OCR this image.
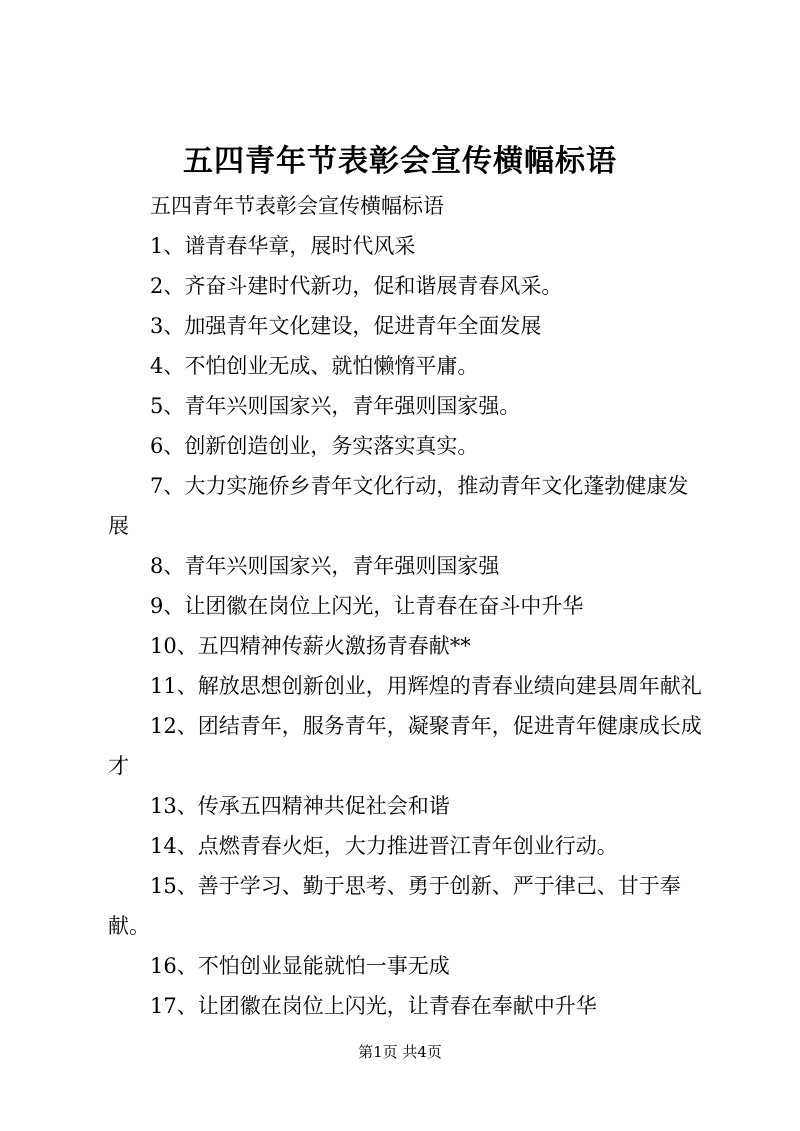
五四青年节表彰会宣传横幅标语

五四青年节表彰会宣传横幅标语

1、谱青春华章，展时代风采

2、齐奋斗建时代新功，促和谐展青春风采。

3、加强青年文化建设，促进青年全面发展

4、不怕创业无成、就怕懒惰平庸。

5、青年兴则国家兴，青年强则国家强。

6、创新创造创业，务实落实真实。

7、大力实施侨乡青年文化行动，推动青年文化蓬勃健康发展

8、青年兴则国家兴，青年强则国家强

9、让团徽在岗位上闪光，让青春在奋斗中升华

10、五四精神传薪火激扬青春献**

11、解放思想创新创业，用辉煌的青春业绩向建县周年献礼

12、团结青年，服务青年，凝聚青年，促进青年健康成长成才

13、传承五四精神共促社会和谐

14、点燃青春火炬，大力推进晋江青年创业行动。

15、善于学习、勤于思考、勇于创新、严于律己、甘于奉献。

16、不怕创业显能就怕一事无成

17、让团徽在岗位上闪光，让青春在奉献中升华

第1页 共4页
